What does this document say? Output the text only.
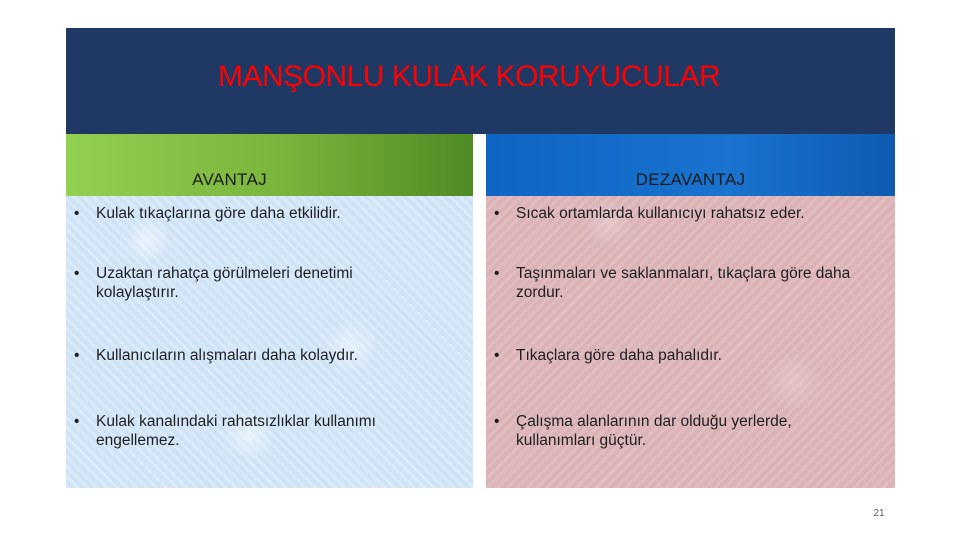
MANŞONLU KULAK KORUYUCULAR
AVANTAJ
•	Kulak tıkaçlarına göre daha etkilidir.
•	Uzaktan rahatça görülmeleri denetimi kolaylaştırır.
•	Kullanıcıların alışmaları daha kolaydır.
•	Kulak kanalındaki rahatsızlıklar kullanımı engellemez.
DEZAVANTAJ
•	Sıcak ortamlarda kullanıcıyı rahatsız eder.
•	Taşınmaları ve saklanmaları, tıkaçlara göre daha zordur.
•	Tıkaçlara göre daha pahalıdır.
•	Çalışma alanlarının dar olduğu yerlerde, kullanımları güçtür.
21
